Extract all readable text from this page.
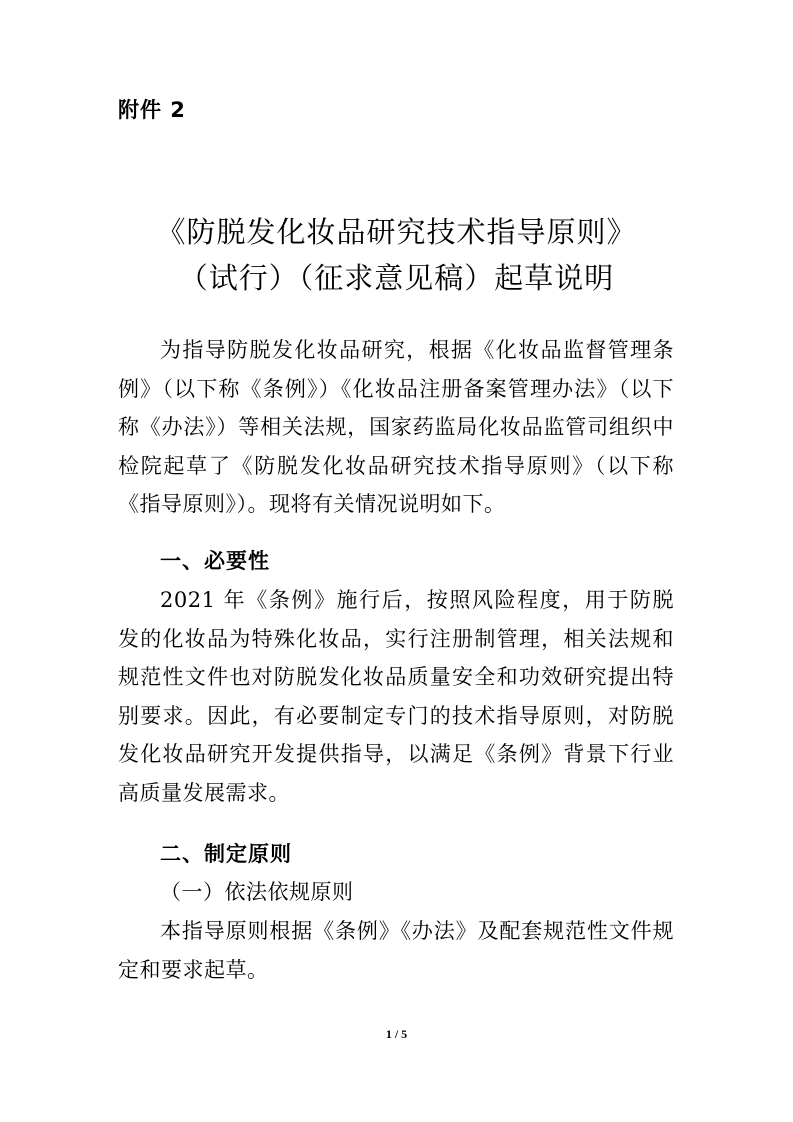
附件 2
《防脱发化妆品研究技术指导原则》
（试行）（征求意见稿）起草说明
为指导防脱发化妆品研究，根据《化妆品监督管理条例》（以下称《条例》）《化妆品注册备案管理办法》（以下称《办法》）等相关法规，国家药监局化妆品监管司组织中检院起草了《防脱发化妆品研究技术指导原则》（以下称《指导原则》）。现将有关情况说明如下。
一、必要性
2021 年《条例》施行后，按照风险程度，用于防脱发的化妆品为特殊化妆品，实行注册制管理，相关法规和规范性文件也对防脱发化妆品质量安全和功效研究提出特别要求。因此，有必要制定专门的技术指导原则，对防脱发化妆品研究开发提供指导，以满足《条例》背景下行业高质量发展需求。
二、制定原则
（一）依法依规原则
本指导原则根据《条例》《办法》及配套规范性文件规定和要求起草。
1 / 5
